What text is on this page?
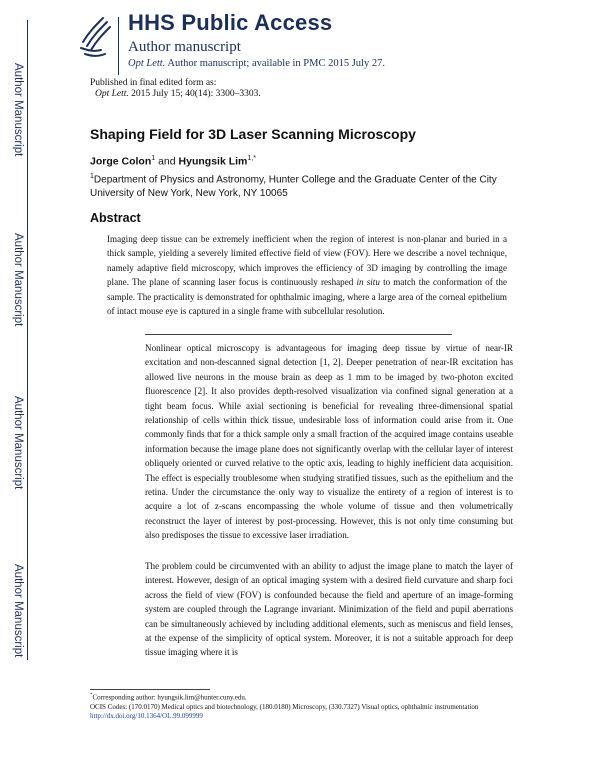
HHS Public Access
Author manuscript
Opt Lett. Author manuscript; available in PMC 2015 July 27.
Published in final edited form as:
Opt Lett. 2015 July 15; 40(14): 3300–3303.
Author Manuscript
Author Manuscript
Author Manuscript
Author Manuscript
Shaping Field for 3D Laser Scanning Microscopy
Jorge Colon$^1$ and Hyungsik Lim$^{1,*}$
$^1$Department of Physics and Astronomy, Hunter College and the Graduate Center of the City University of New York, New York, NY 10065
Abstract
Imaging deep tissue can be extremely inefficient when the region of interest is non-planar and buried in a thick sample, yielding a severely limited effective field of view (FOV). Here we describe a novel technique, namely adaptive field microscopy, which improves the efficiency of 3D imaging by controlling the image plane. The plane of scanning laser focus is continuously reshaped in situ to match the conformation of the sample. The practicality is demonstrated for ophthalmic imaging, where a large area of the corneal epithelium of intact mouse eye is captured in a single frame with subcellular resolution.
Nonlinear optical microscopy is advantageous for imaging deep tissue by virtue of near-IR excitation and non-descanned signal detection [1, 2]. Deeper penetration of near-IR excitation has allowed live neurons in the mouse brain as deep as 1 mm to be imaged by two-photon excited fluorescence [2]. It also provides depth-resolved visualization via confined signal generation at a tight beam focus. While axial sectioning is beneficial for revealing three-dimensional spatial relationship of cells within thick tissue, undesirable loss of information could arise from it. One commonly finds that for a thick sample only a small fraction of the acquired image contains useable information because the image plane does not significantly overlap with the cellular layer of interest obliquely oriented or curved relative to the optic axis, leading to highly inefficient data acquisition. The effect is especially troublesome when studying stratified tissues, such as the epithelium and the retina. Under the circumstance the only way to visualize the entirety of a region of interest is to acquire a lot of z-scans encompassing the whole volume of tissue and then volumetrically reconstruct the layer of interest by post-processing. However, this is not only time consuming but also predisposes the tissue to excessive laser irradiation.
The problem could be circumvented with an ability to adjust the image plane to match the layer of interest. However, design of an optical imaging system with a desired field curvature and sharp foci across the field of view (FOV) is confounded because the field and aperture of an image-forming system are coupled through the Lagrange invariant. Minimization of the field and pupil aberrations can be simultaneously achieved by including additional elements, such as meniscus and field lenses, at the expense of the simplicity of optical system. Moreover, it is not a suitable approach for deep tissue imaging where it is
*Corresponding author: hyungsik.lim@hunter.cuny.edu.
OCIS Codes: (170.0170) Medical optics and biotechnology, (180.0180) Microscopy, (330.7327) Visual optics, ophthalmic instrumentation http://dx.doi.org/10.1364/OL.99.099999
